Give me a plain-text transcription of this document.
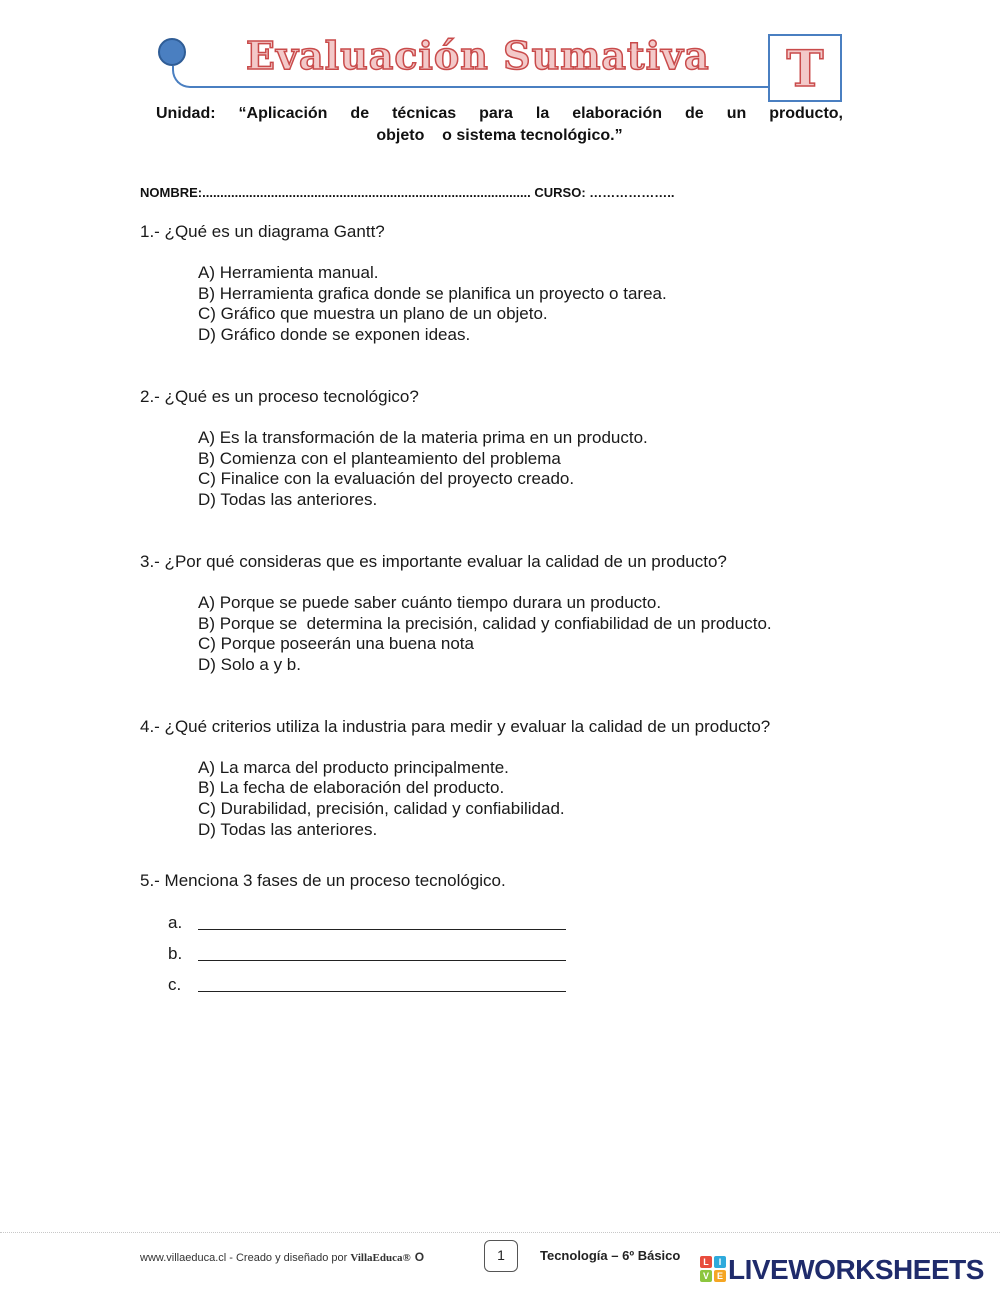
Evaluación Sumativa	T
Unidad: “Aplicación de técnicas para la elaboración de un producto,
objeto    o sistema tecnológico.”
NOMBRE:........................................................................................... CURSO: ………………..
1.- ¿Qué es un diagrama Gantt?
A) Herramienta manual.
B) Herramienta grafica donde se planifica un proyecto o tarea.
C) Gráfico que muestra un plano de un objeto.
D) Gráfico donde se exponen ideas.
2.- ¿Qué es un proceso tecnológico?
A) Es la transformación de la materia prima en un producto.
B) Comienza con el planteamiento del problema
C) Finalice con la evaluación del proyecto creado.
D) Todas las anteriores.
3.- ¿Por qué consideras que es importante evaluar la calidad de un producto?
A) Porque se puede saber cuánto tiempo durara un producto.
B) Porque se  determina la precisión, calidad y confiabilidad de un producto.
C) Porque poseerán una buena nota
D) Solo a y b.
4.- ¿Qué criterios utiliza la industria para medir y evaluar la calidad de un producto?
A) La marca del producto principalmente.
B) La fecha de elaboración del producto.
C) Durabilidad, precisión, calidad y confiabilidad.
D) Todas las anteriores.
5.- Menciona 3 fases de un proceso tecnológico.
a.
b.
c.
www.villaeduca.cl - Creado y diseñado por VillaEduca® O	1	Tecnología – 6º Básico	L	I
V E LIVEWORKSHEETS
